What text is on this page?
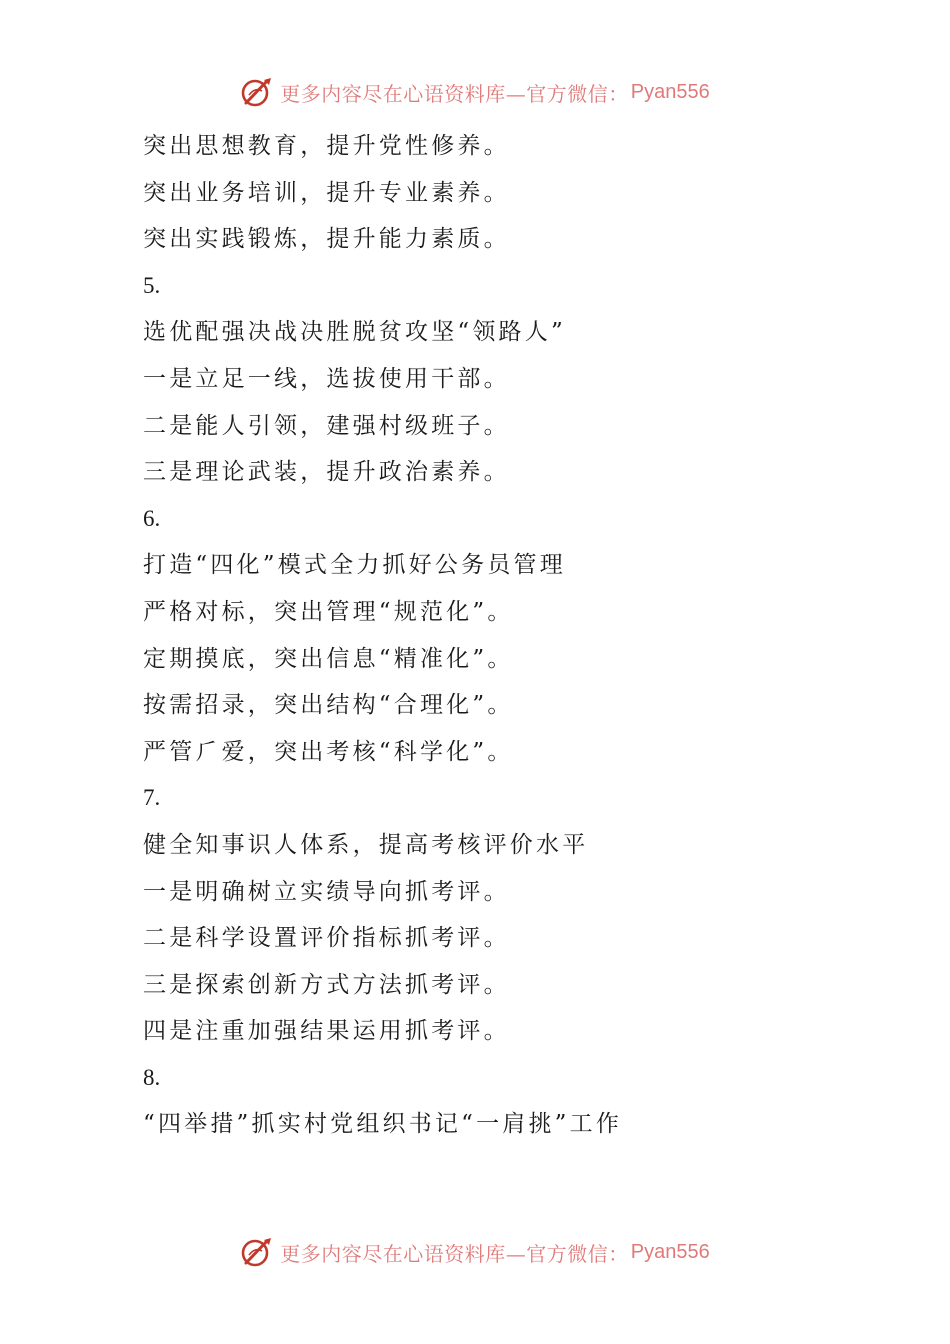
更多内容尽在心语资料库—官方微信： Pyan556
突出思想教育，提升党性修养。
突出业务培训，提升专业素养。
突出实践锻炼，提升能力素质。
5.
选优配强决战决胜脱贫攻坚“领路人”
一是立足一线，选拔使用干部。
二是能人引领，建强村级班子。
三是理论武装，提升政治素养。
6.
打造“四化”模式全力抓好公务员管理
严格对标，突出管理“规范化”。
定期摸底，突出信息“精准化”。
按需招录，突出结构“合理化”。
严管⺁爱，突出考核“科学化”。
7.
健全知事识人体系，提高考核评价水平
一是明确树立实绩导向抓考评。
二是科学设置评价指标抓考评。
三是探索创新方式方法抓考评。
四是注重加强结果运用抓考评。
8.
“四举措”抓实村党组织书记“一肩挑”工作
更多内容尽在心语资料库—官方微信： Pyan556
